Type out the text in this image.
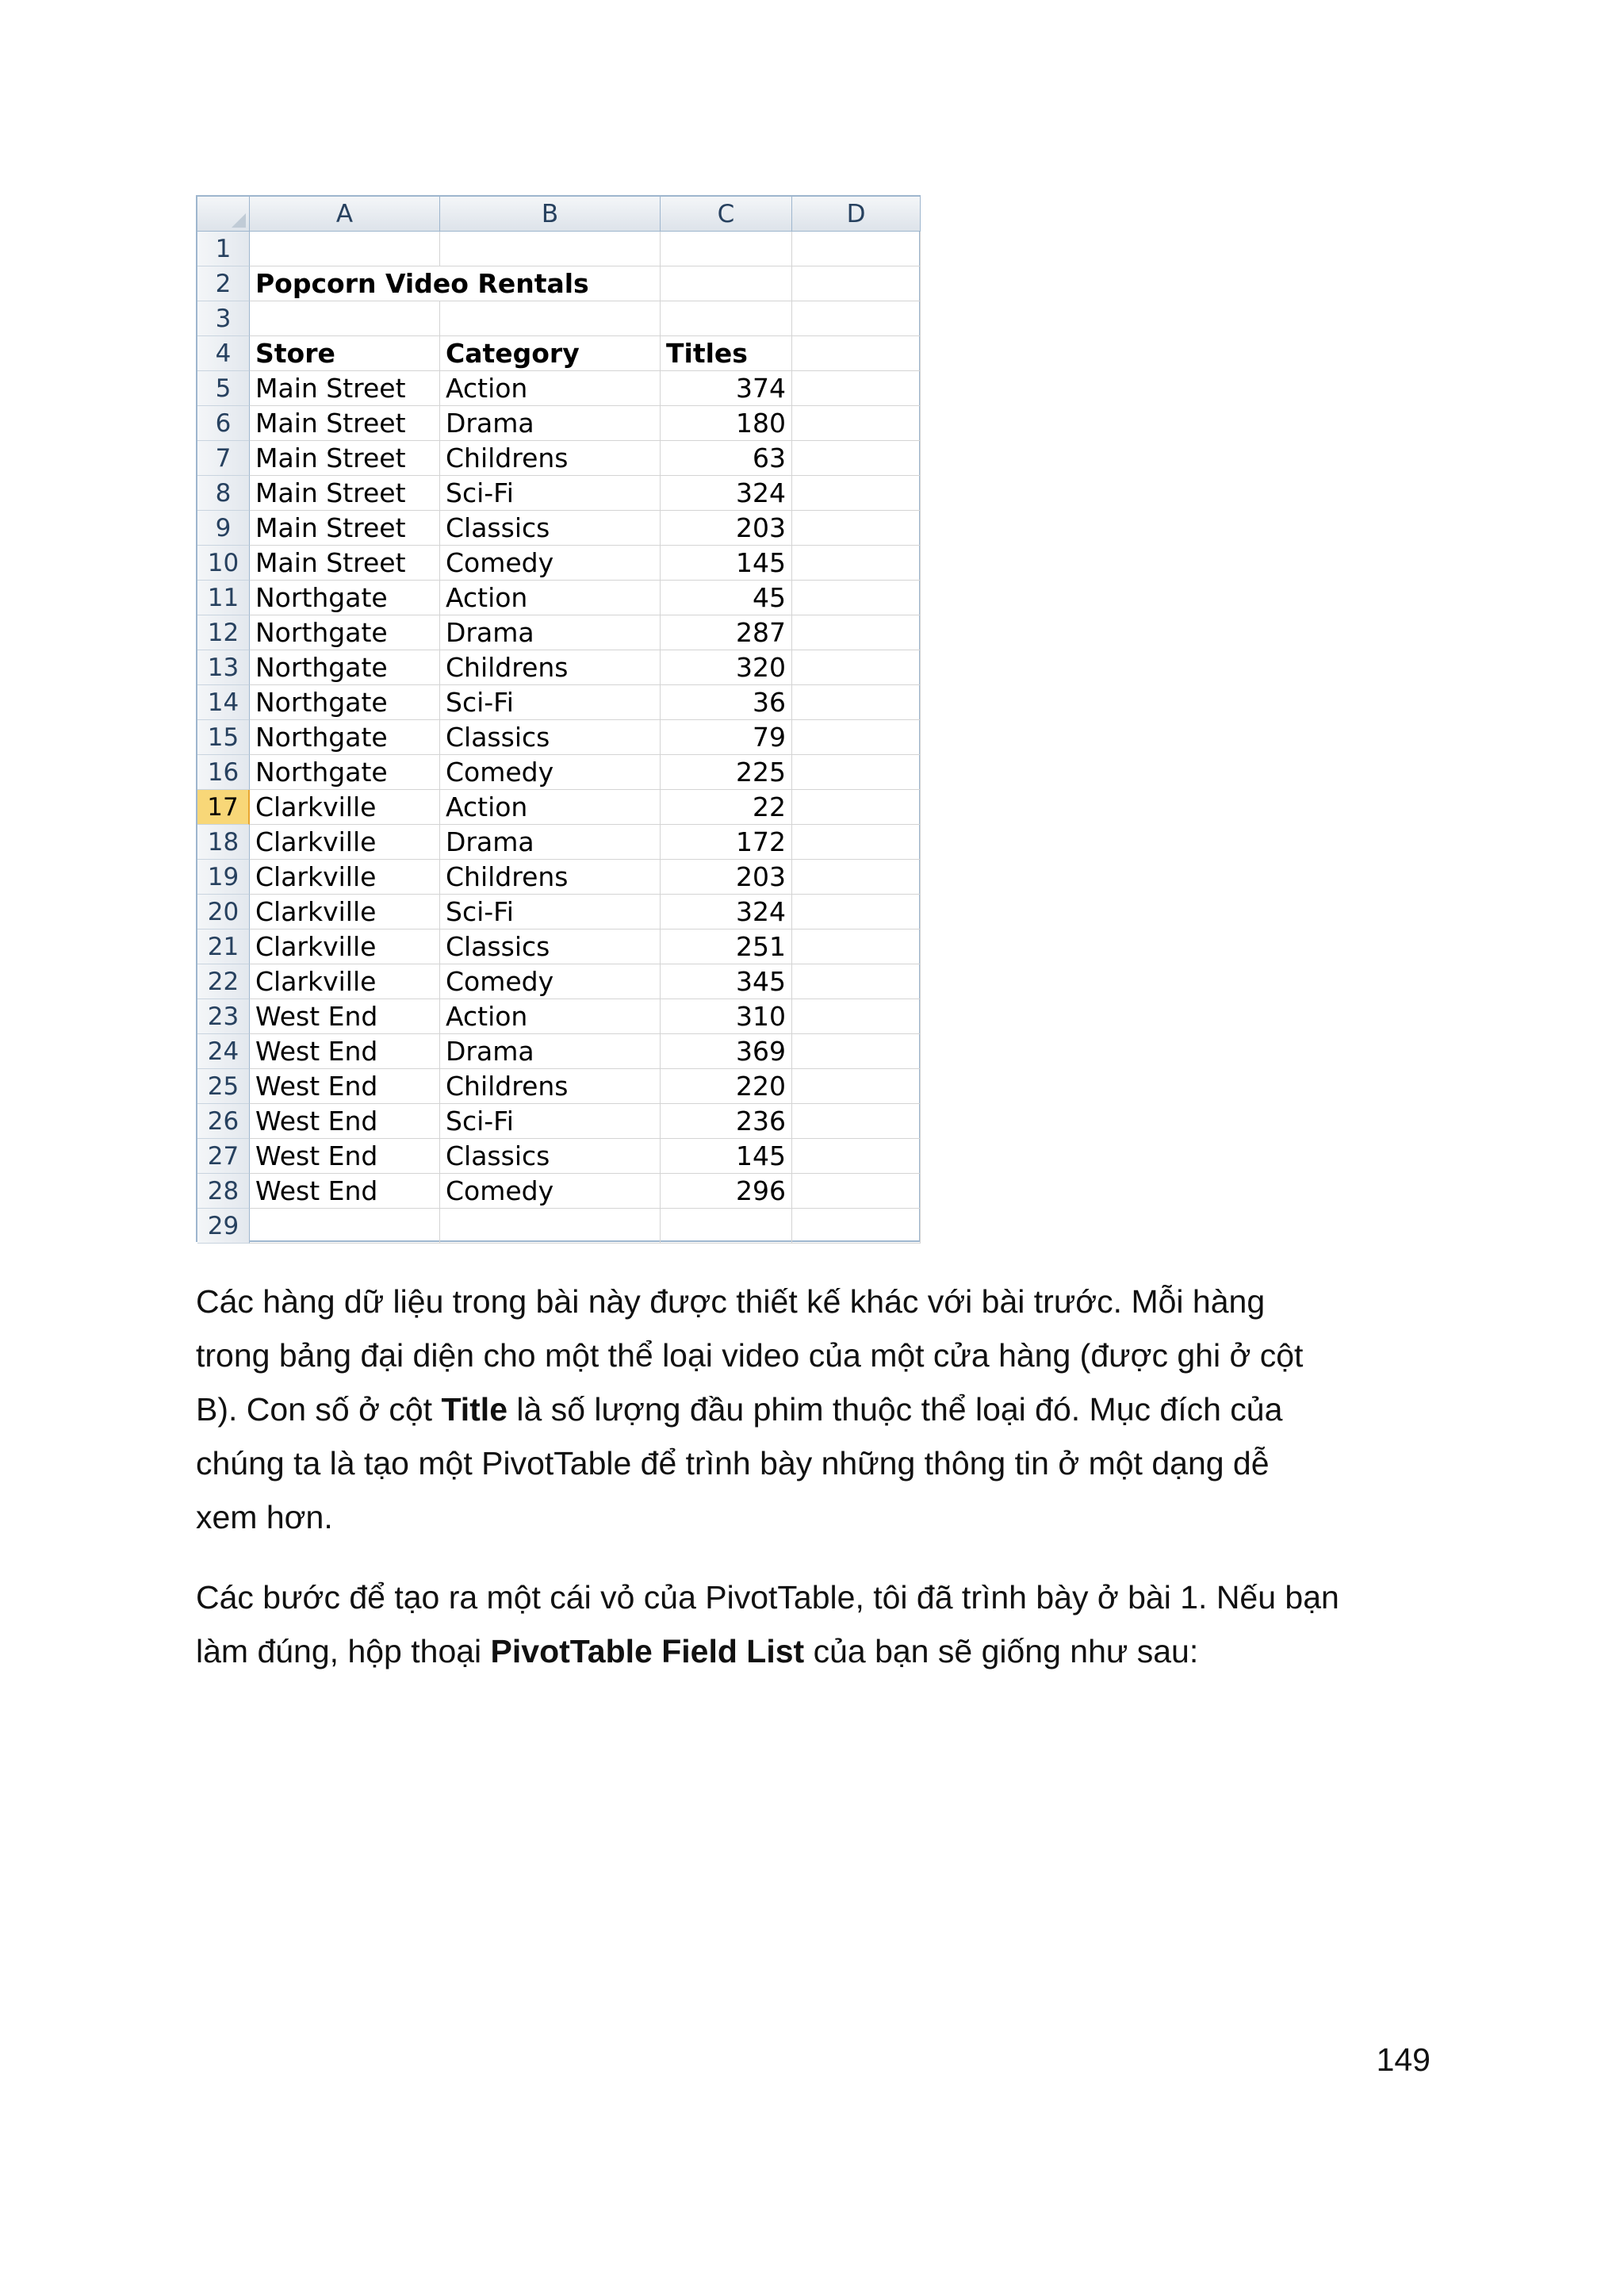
A	B	C	D
1
2 Popcorn Video Rentals
3
4 Store	Category	Titles
5 Main Street	Action	374
6 Main Street	Drama	180
7 Main Street	Childrens	63
8 Main Street	Sci-Fi	324
9 Main Street	Classics	203
10 Main Street	Comedy	145
11 Northgate	Action	45
12 Northgate	Drama	287
13 Northgate	Childrens	320
14 Northgate	Sci-Fi	36
15 Northgate	Classics	79
16 Northgate	Comedy	225
17 Clarkville	Action	22
18 Clarkville	Drama	172
19 Clarkville	Childrens	203
20 Clarkville	Sci-Fi	324
21 Clarkville	Classics	251
22 Clarkville	Comedy	345
23 West End	Action	310
24 West End	Drama	369
25 West End	Childrens	220
26 West End	Sci-Fi	236
27 West End	Classics	145
28 West End	Comedy	296
29
Các hàng dữ liệu trong bài này được thiết kế khác với bài trước. Mỗi hàng
trong bảng đại diện cho một thể loại video của một cửa hàng (được ghi ở cột
B). Con số ở cột Title là số lượng đầu phim thuộc thể loại đó. Mục đích của
chúng ta là tạo một PivotTable để trình bày những thông tin ở một dạng dễ
xem hơn.
Các bước để tạo ra một cái vỏ của PivotTable, tôi đã trình bày ở bài 1. Nếu bạn
làm đúng, hộp thoại PivotTable Field List của bạn sẽ giống như sau:
149
